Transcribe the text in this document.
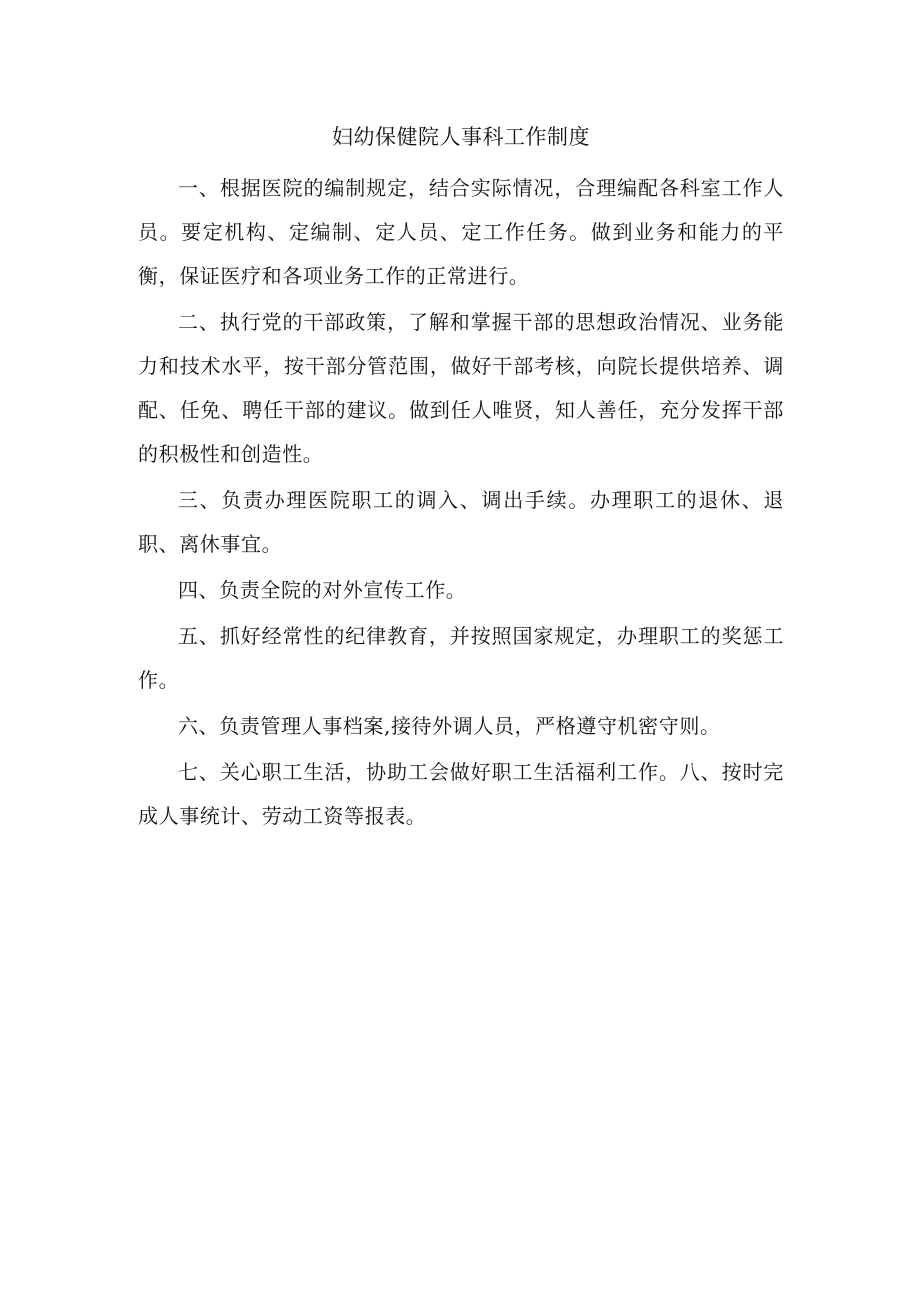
妇幼保健院人事科工作制度

一、根据医院的编制规定，结合实际情况，合理编配各科室工作人员。要定机构、定编制、定人员、定工作任务。做到业务和能力的平衡，保证医疗和各项业务工作的正常进行。

二、执行党的干部政策，了解和掌握干部的思想政治情况、业务能力和技术水平，按干部分管范围，做好干部考核，向院长提供培养、调配、任免、聘任干部的建议。做到任人唯贤，知人善任，充分发挥干部的积极性和创造性。

三、负责办理医院职工的调入、调出手续。办理职工的退休、退职、离休事宜。

四、负责全院的对外宣传工作。

五、抓好经常性的纪律教育，并按照国家规定，办理职工的奖惩工作。

六、负责管理人事档案,接待外调人员，严格遵守机密守则。

七、关心职工生活，协助工会做好职工生活福利工作。八、按时完成人事统计、劳动工资等报表。
